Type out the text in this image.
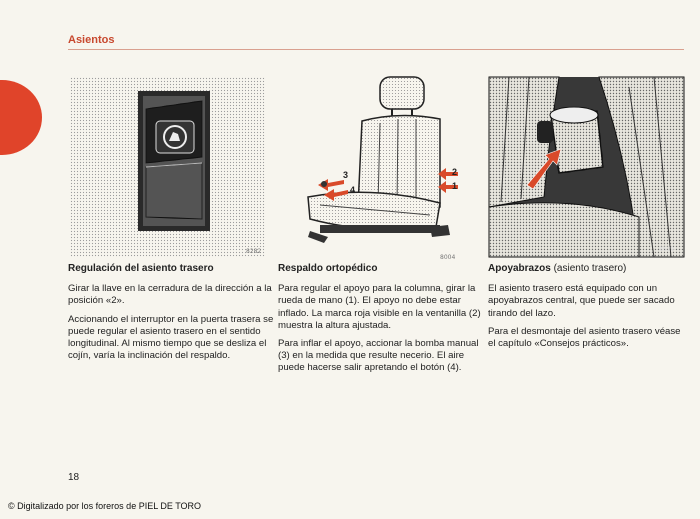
Asientos
8282
3
4
2
1
8004
8629
Regulación del asiento trasero

Girar la llave en la cerradura de la dirección a la posición «2».

Accionando el interruptor en la puerta trasera se puede regular el asiento trasero en el sentido longitudinal. Al mismo tiempo que se desliza el cojín, varía la inclinación del respaldo.

Respaldo ortopédico

Para regular el apoyo para la columna, girar la rueda de mano (1). El apoyo no debe estar inflado. La marca roja visible en la ventanilla (2) muestra la altura ajustada.

Para inflar el apoyo, accionar la bomba manual (3) en la medida que resulte necerio. El aire puede hacerse salir apretando el botón (4).

Apoyabrazos (asiento trasero)

El asiento trasero está equipado con un apoyabrazos central, que puede ser sacado tirando del lazo.

Para el desmontaje del asiento trasero véase el capítulo «Consejos prácticos».

18
© Digitalizado por los foreros de PIEL DE TORO
